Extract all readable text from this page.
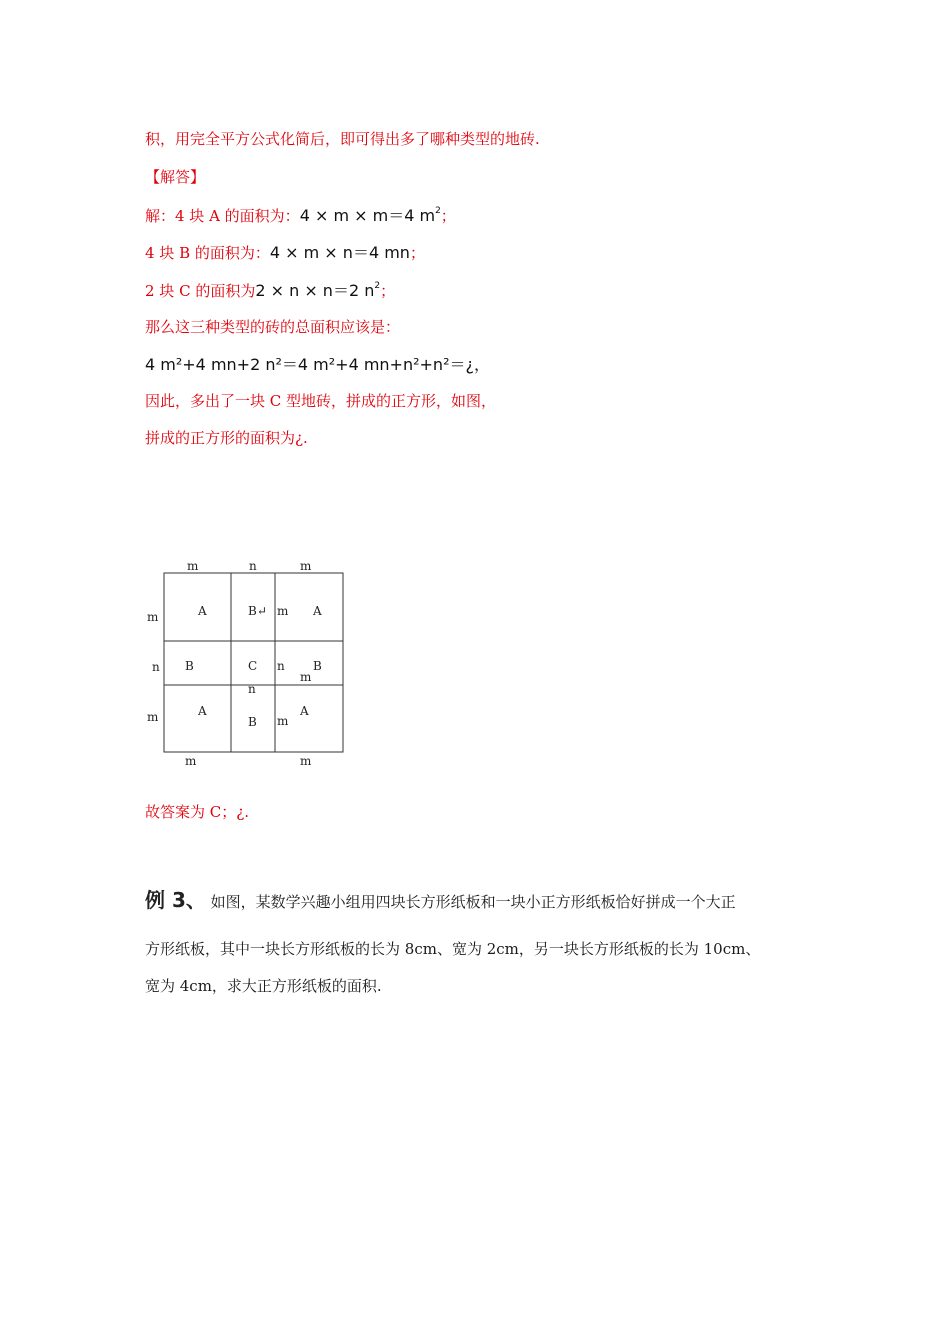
积，用完全平方公式化简后，即可得出多了哪种类型的地砖.
【解答】
解：4 块 A 的面积为：4 × m × m＝4 $m^2$；
4 块 B 的面积为：4 × m × n＝4 mn；
2 块 C 的面积为2 × n × n＝2 $n^2$；
那么这三种类型的砖的总面积应该是：
4 m²+4 mn+2 n²＝4 m²+4 mn+n²+n²＝¿，
因此，多出了一块 C 型地砖，拼成的正方形，如图，
拼成的正方形的面积为¿.
m	n	m
m
n
m
A	B↵	A
B	C	B
A
B
A
m
n
m
n
m
m	m
故答案为 C；¿.
例 3、 如图，某数学兴趣小组用四块长方形纸板和一块小正方形纸板恰好拼成一个大正
方形纸板，其中一块长方形纸板的长为 8cm、宽为 2cm，另一块长方形纸板的长为 10cm、
宽为 4cm，求大正方形纸板的面积.
